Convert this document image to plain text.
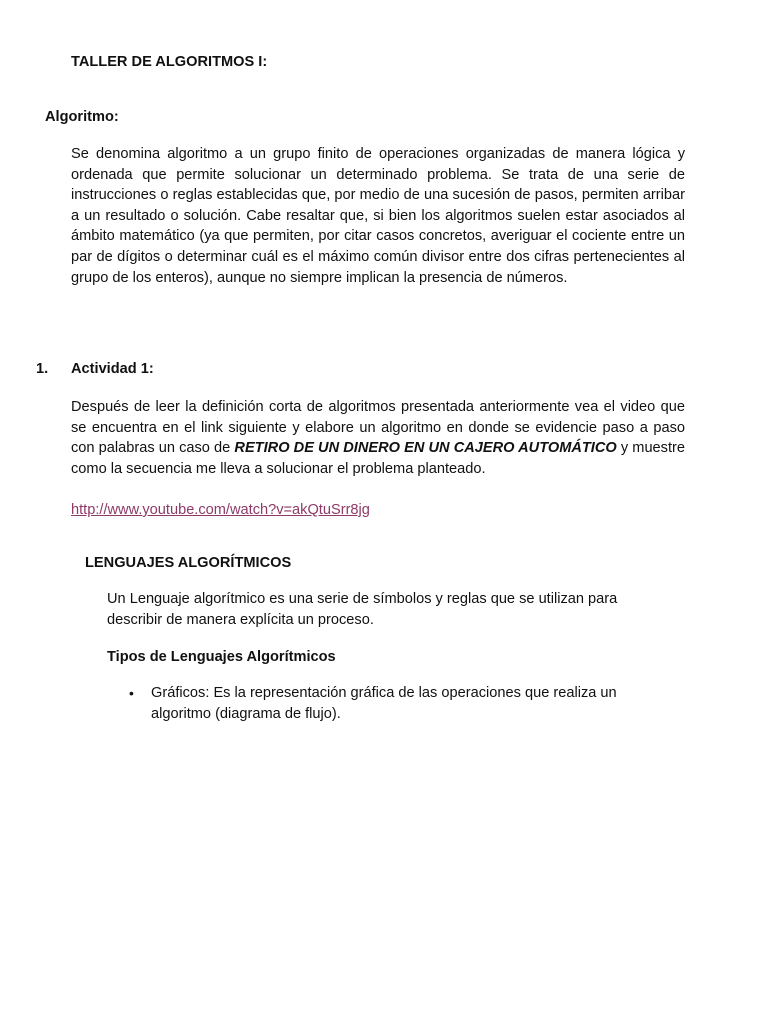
TALLER DE ALGORITMOS I:
Algoritmo:
Se denomina algoritmo a un grupo finito de operaciones organizadas de manera lógica y ordenada que permite solucionar un determinado problema. Se trata de una serie de instrucciones o reglas establecidas que, por medio de una sucesión de pasos, permiten arribar a un resultado o solución. Cabe resaltar que, si bien los algoritmos suelen estar asociados al ámbito matemático (ya que permiten, por citar casos concretos, averiguar el cociente entre un par de dígitos o determinar cuál es el máximo común divisor entre dos cifras pertenecientes al grupo de los enteros), aunque no siempre implican la presencia de números.
1. Actividad 1:
Después de leer la definición corta de algoritmos presentada anteriormente vea el video que se encuentra en el link siguiente y elabore un algoritmo en donde se evidencie paso a paso con palabras un caso de RETIRO DE UN DINERO EN UN CAJERO AUTOMÁTICO y muestre como la secuencia me lleva a solucionar el problema planteado.
http://www.youtube.com/watch?v=akQtuSrr8jg
LENGUAJES ALGORÍTMICOS
Un Lenguaje algorítmico es una serie de símbolos y reglas que se utilizan para describir de manera explícita un proceso.
Tipos de Lenguajes Algorítmicos
• Gráficos: Es la representación gráfica de las operaciones que realiza un algoritmo (diagrama de flujo).
